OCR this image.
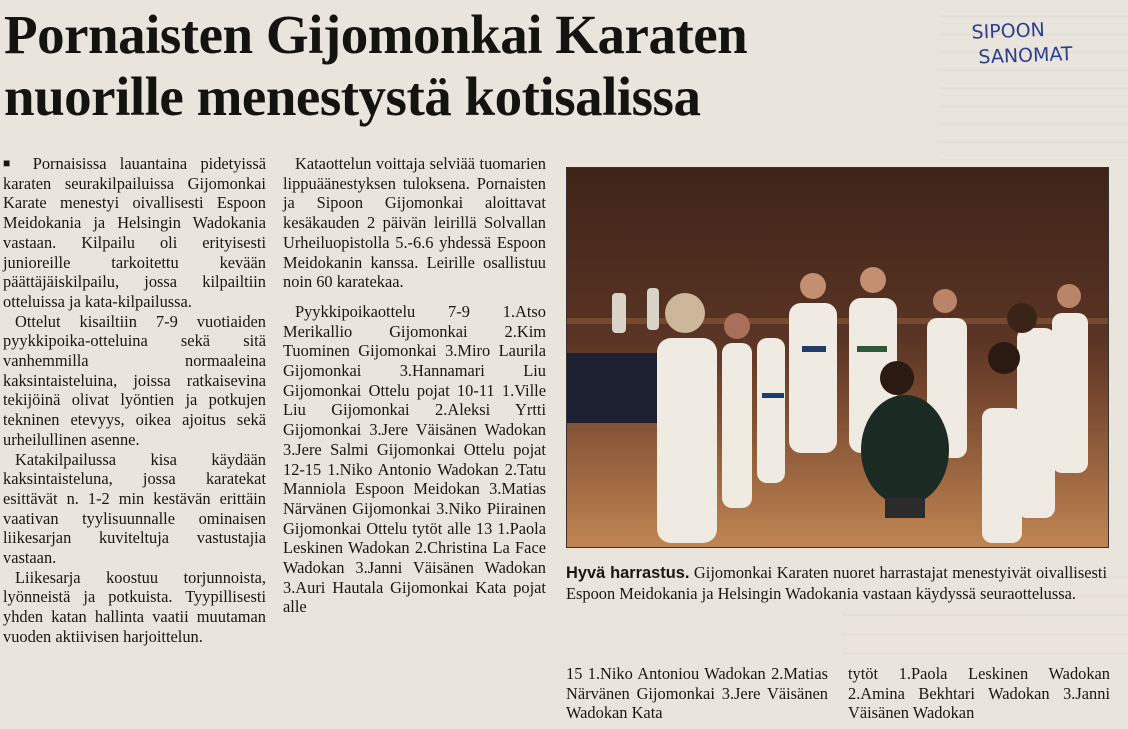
Pornaisten Gijomonkai Karaten
nuorille menestystä kotisalissa
SIPOON
SANOMAT

■ Pornaisissa lauantaina pidetyissä karaten seurakilpailuissa Gijomonkai Karate menestyi oivallisesti Espoon Meidokania ja Helsingin Wadokania vastaan. Kilpailu oli erityisesti junioreille tarkoitettu kevään päättäjäiskilpailu, jossa kilpailtiin otteluissa ja kata-kilpailussa.

Ottelut kisailtiin 7-9 vuotiaiden pyykkipoika-otteluina sekä sitä vanhemmilla normaaleina kaksintaisteluina, joissa ratkaisevina tekijöinä olivat lyöntien ja potkujen tekninen etevyys, oikea ajoitus sekä urheilullinen asenne.

Katakilpailussa kisa käydään kaksintaisteluna, jossa karatekat esittävät n. 1-2 min kestävän erittäin vaativan tyylisuunnalle ominaisen liikesarjan kuviteltuja vastustajia vastaan.

Liikesarja koostuu torjunnoista, lyönneistä ja potkuista. Tyypillisesti yhden katan hallinta vaatii muutaman vuoden aktiivisen harjoittelun.

Kataottelun voittaja selviää tuomarien lippuäänestyksen tuloksena. Pornaisten ja Sipoon Gijomonkai aloittavat kesäkauden 2 päivän leirillä Solvallan Urheiluopistolla 5.-6.6 yhdessä Espoon Meidokanin kanssa. Leirille osallistuu noin 60 karatekaa.

Pyykkipoikaottelu 7-9 1.Atso Merikallio Gijomonkai 2.Kim Tuominen Gijomonkai 3.Miro Laurila Gijomonkai 3.Hannamari Liu Gijomonkai Ottelu pojat 10-11 1.Ville Liu Gijomonkai 2.Aleksi Yrtti Gijomonkai 3.Jere Väisänen Wadokan 3.Jere Salmi Gijomonkai Ottelu pojat 12-15 1.Niko Antonio Wadokan 2.Tatu Manniola Espoon Meidokan 3.Matias Närvänen Gijomonkai 3.Niko Piirainen Gijomonkai Ottelu tytöt alle 13 1.Paola Leskinen Wadokan 2.Christina La Face Wadokan 3.Janni Väisänen Wadokan 3.Auri Hautala Gijomonkai Kata pojat alle

Hyvä harrastus. Gijomonkai Karaten nuoret harrastajat menestyivät oivallisesti Espoon Meidokania ja Helsingin Wadokania vastaan käydyssä seuraottelussa.

15 1.Niko Antoniou Wadokan 2.Matias Närvänen Gijomonkai 3.Jere Väisänen Wadokan Kata

tytöt 1.Paola Leskinen Wadokan 2.Amina Bekhtari Wadokan 3.Janni Väisänen Wadokan
